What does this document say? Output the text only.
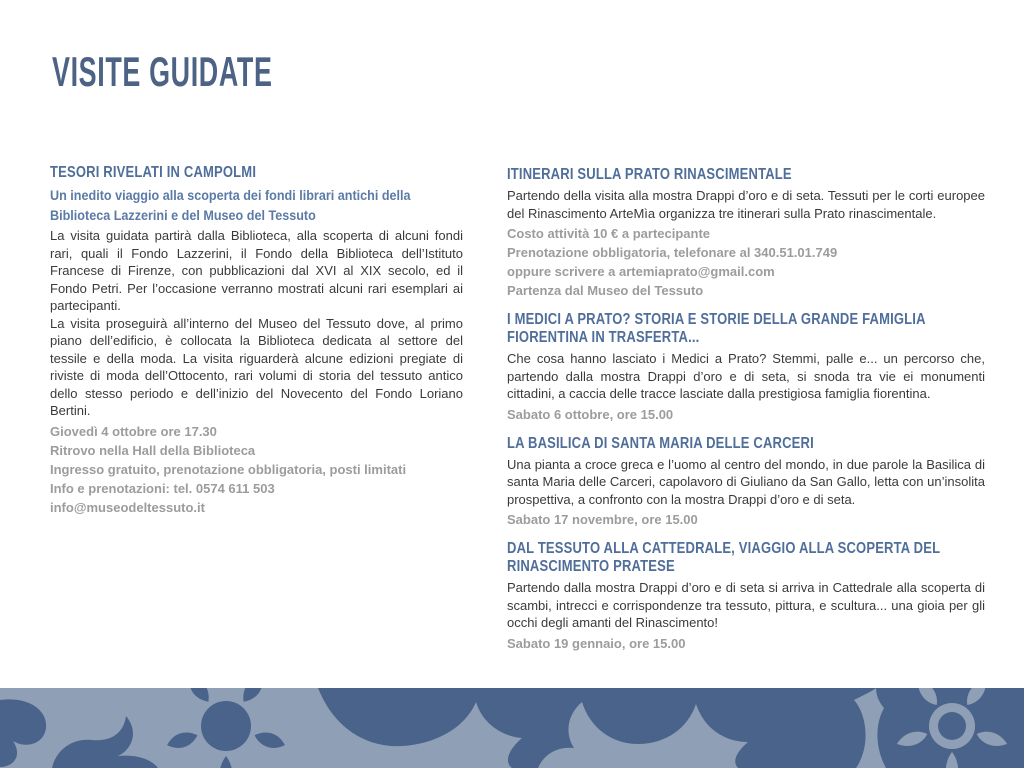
VISITE GUIDATE
TESORI RIVELATI IN CAMPOLMI
Un inedito viaggio alla scoperta dei fondi librari antichi della Biblioteca Lazzerini e del Museo del Tessuto

La visita guidata partirà dalla Biblioteca, alla scoperta di alcuni fondi rari, quali il Fondo Lazzerini, il Fondo della Biblioteca dell’Istituto Francese di Firenze, con pubblicazioni dal XVI al XIX secolo, ed il Fondo Petri. Per l’occasione verranno mostrati alcuni rari esemplari ai partecipanti.

La visita proseguirà all’interno del Museo del Tessuto dove, al primo piano dell’edificio, è collocata la Biblioteca dedicata al settore del tessile e della moda. La visita riguarderà alcune edizioni pregiate di riviste di moda dell’Ottocento, rari volumi di storia del tessuto antico dello stesso periodo e dell’inizio del Novecento del Fondo Loriano Bertini.

Giovedì 4 ottobre ore 17.30
Ritrovo nella Hall della Biblioteca
Ingresso gratuito, prenotazione obbligatoria, posti limitati
Info e prenotazioni: tel. 0574 611 503
info@museodeltessuto.it
ITINERARI SULLA PRATO RINASCIMENTALE

Partendo della visita alla mostra Drappi d’oro e di seta. Tessuti per le corti europee del Rinascimento ArteMìa organizza tre itinerari sulla Prato rinascimentale.

Costo attività 10 € a partecipante
Prenotazione obbligatoria, telefonare al 340.51.01.749
oppure scrivere a artemiaprato@gmail.com
Partenza dal Museo del Tessuto
I MEDICI A PRATO? STORIA E STORIE DELLA GRANDE FAMIGLIA FIORENTINA IN TRASFERTA...

Che cosa hanno lasciato i Medici a Prato? Stemmi, palle e... un percorso che, partendo dalla mostra Drappi d’oro e di seta, si snoda tra vie ei monumenti cittadini, a caccia delle tracce lasciate dalla prestigiosa famiglia fiorentina.

Sabato 6 ottobre, ore 15.00
LA BASILICA DI SANTA MARIA DELLE CARCERI

Una pianta a croce greca e l’uomo al centro del mondo, in due parole la Basilica di santa Maria delle Carceri, capolavoro di Giuliano da San Gallo, letta con un’insolita prospettiva, a confronto con la mostra Drappi d’oro e di seta.

Sabato 17 novembre, ore 15.00
DAL TESSUTO ALLA CATTEDRALE, VIAGGIO ALLA SCOPERTA DEL RINASCIMENTO PRATESE

Partendo dalla mostra Drappi d’oro e di seta si arriva in Cattedrale alla scoperta di scambi, intrecci e corrispondenze tra tessuto, pittura, e scultura... una gioia per gli occhi degli amanti del Rinascimento!

Sabato 19 gennaio, ore 15.00
